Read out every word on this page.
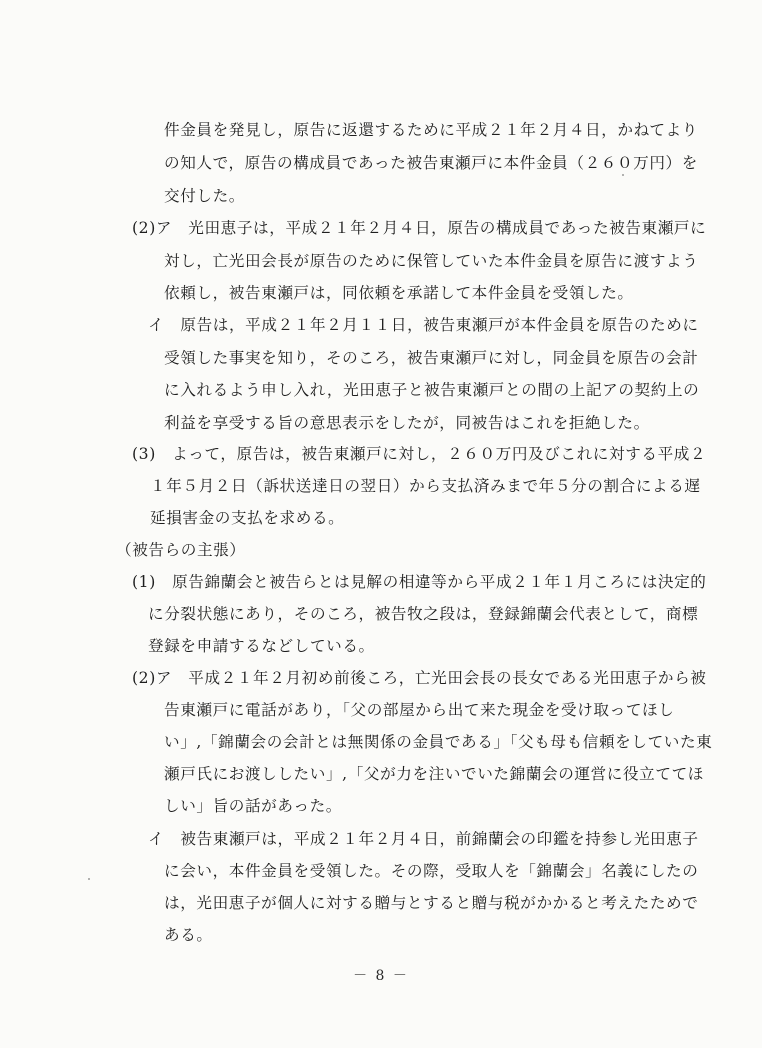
件金員を発見し，原告に返還するために平成２１年２月４日，かねてより
の知人で，原告の構成員であった被告東瀬戸に本件金員（２６０万円）を
交付した。
(2)ア　光田恵子は，平成２１年２月４日，原告の構成員であった被告東瀬戸に
対し，亡光田会長が原告のために保管していた本件金員を原告に渡すよう
依頼し，被告東瀬戸は，同依頼を承諾して本件金員を受領した。
イ　原告は，平成２１年２月１１日，被告東瀬戸が本件金員を原告のために
受領した事実を知り，そのころ，被告東瀬戸に対し，同金員を原告の会計
に入れるよう申し入れ，光田恵子と被告東瀬戸との間の上記アの契約上の
利益を享受する旨の意思表示をしたが，同被告はこれを拒絶した。
(3)　よって，原告は，被告東瀬戸に対し，２６０万円及びこれに対する平成２
１年５月２日（訴状送達日の翌日）から支払済みまで年５分の割合による遅
延損害金の支払を求める。
（被告らの主張）
(1)　原告錦蘭会と被告らとは見解の相違等から平成２１年１月ころには決定的
に分裂状態にあり，そのころ，被告牧之段は，登録錦蘭会代表として，商標
登録を申請するなどしている。
(2)ア　平成２１年２月初め前後ころ，亡光田会長の長女である光田恵子から被
告東瀬戸に電話があり，「父の部屋から出て来た現金を受け取ってほし
い」,「錦蘭会の会計とは無関係の金員である」「父も母も信頼をしていた東
瀬戸氏にお渡ししたい」,「父が力を注いでいた錦蘭会の運営に役立ててほ
しい」旨の話があった。
イ　被告東瀬戸は，平成２１年２月４日，前錦蘭会の印鑑を持参し光田恵子
に会い，本件金員を受領した。その際，受取人を「錦蘭会」名義にしたの
は，光田恵子が個人に対する贈与とすると贈与税がかかると考えたためで
ある。
－ 8 －
